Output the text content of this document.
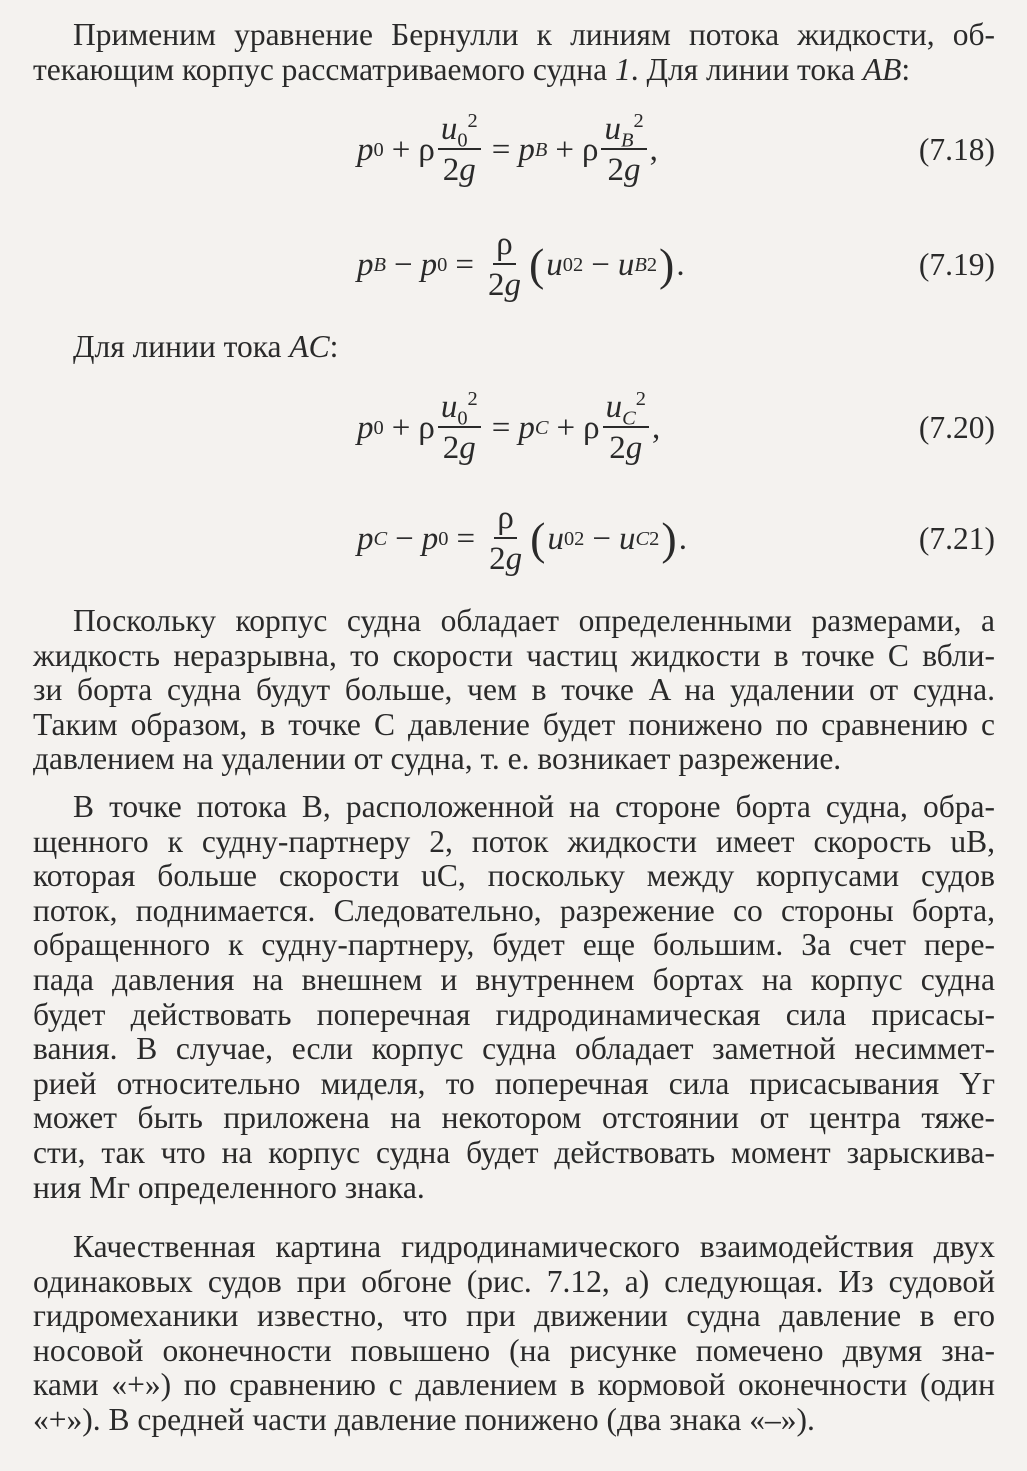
Применим уравнение Бернулли к линиям потока жидкости, об-
текающим корпус рассматриваемого судна 1. Для линии тока AB:
p 0 + ρ $\frac{u_0^2}{2g} = p$ B + ρ $\frac{u_B^2}{2g}$ ,	(7.18)
p B − p $0 = \frac{\rho}{2g}$ ( u 0 2 − u B 2 ) .	(7.19)
Для линии тока AC:
p 0 + ρ $\frac{u_0^2}{2g} = p$ C + ρ $\frac{u_C^2}{2g}$ ,	(7.20)
p C − p $0 = \frac{\rho}{2g}$ ( u 0 2 − u C 2 ) .	(7.21)
Поскольку корпус судна обладает определенными размерами, а
жидкость неразрывна, то скорости частиц жидкости в точке C вбли-
зи борта судна будут больше, чем в точке A на удалении от судна.
Таким образом, в точке C давление будет понижено по сравнению с
давлением на удалении от судна, т. е. возникает разрежение.
В точке потока B, расположенной на стороне борта судна, обра-
щенного к судну-партнеру 2, поток жидкости имеет скорость uB,
которая больше скорости uC, поскольку между корпусами судов
поток, поднимается. Следовательно, разрежение со стороны борта,
обращенного к судну-партнеру, будет еще большим. За счет пере-
пада давления на внешнем и внутреннем бортах на корпус судна
будет действовать поперечная гидродинамическая сила присасы-
вания. В случае, если корпус судна обладает заметной несиммет-
рией относительно миделя, то поперечная сила присасывания Yг
может быть приложена на некотором отстоянии от центра тяже-
сти, так что на корпус судна будет действовать момент зарыскива-
ния Mг определенного знака.
Качественная картина гидродинамического взаимодействия двух
одинаковых судов при обгоне (рис. 7.12, a) следующая. Из судовой
гидромеханики известно, что при движении судна давление в его
носовой оконечности повышено (на рисунке помечено двумя зна-
ками «+») по сравнению с давлением в кормовой оконечности (один
«+»). В средней части давление понижено (два знака «–»).
